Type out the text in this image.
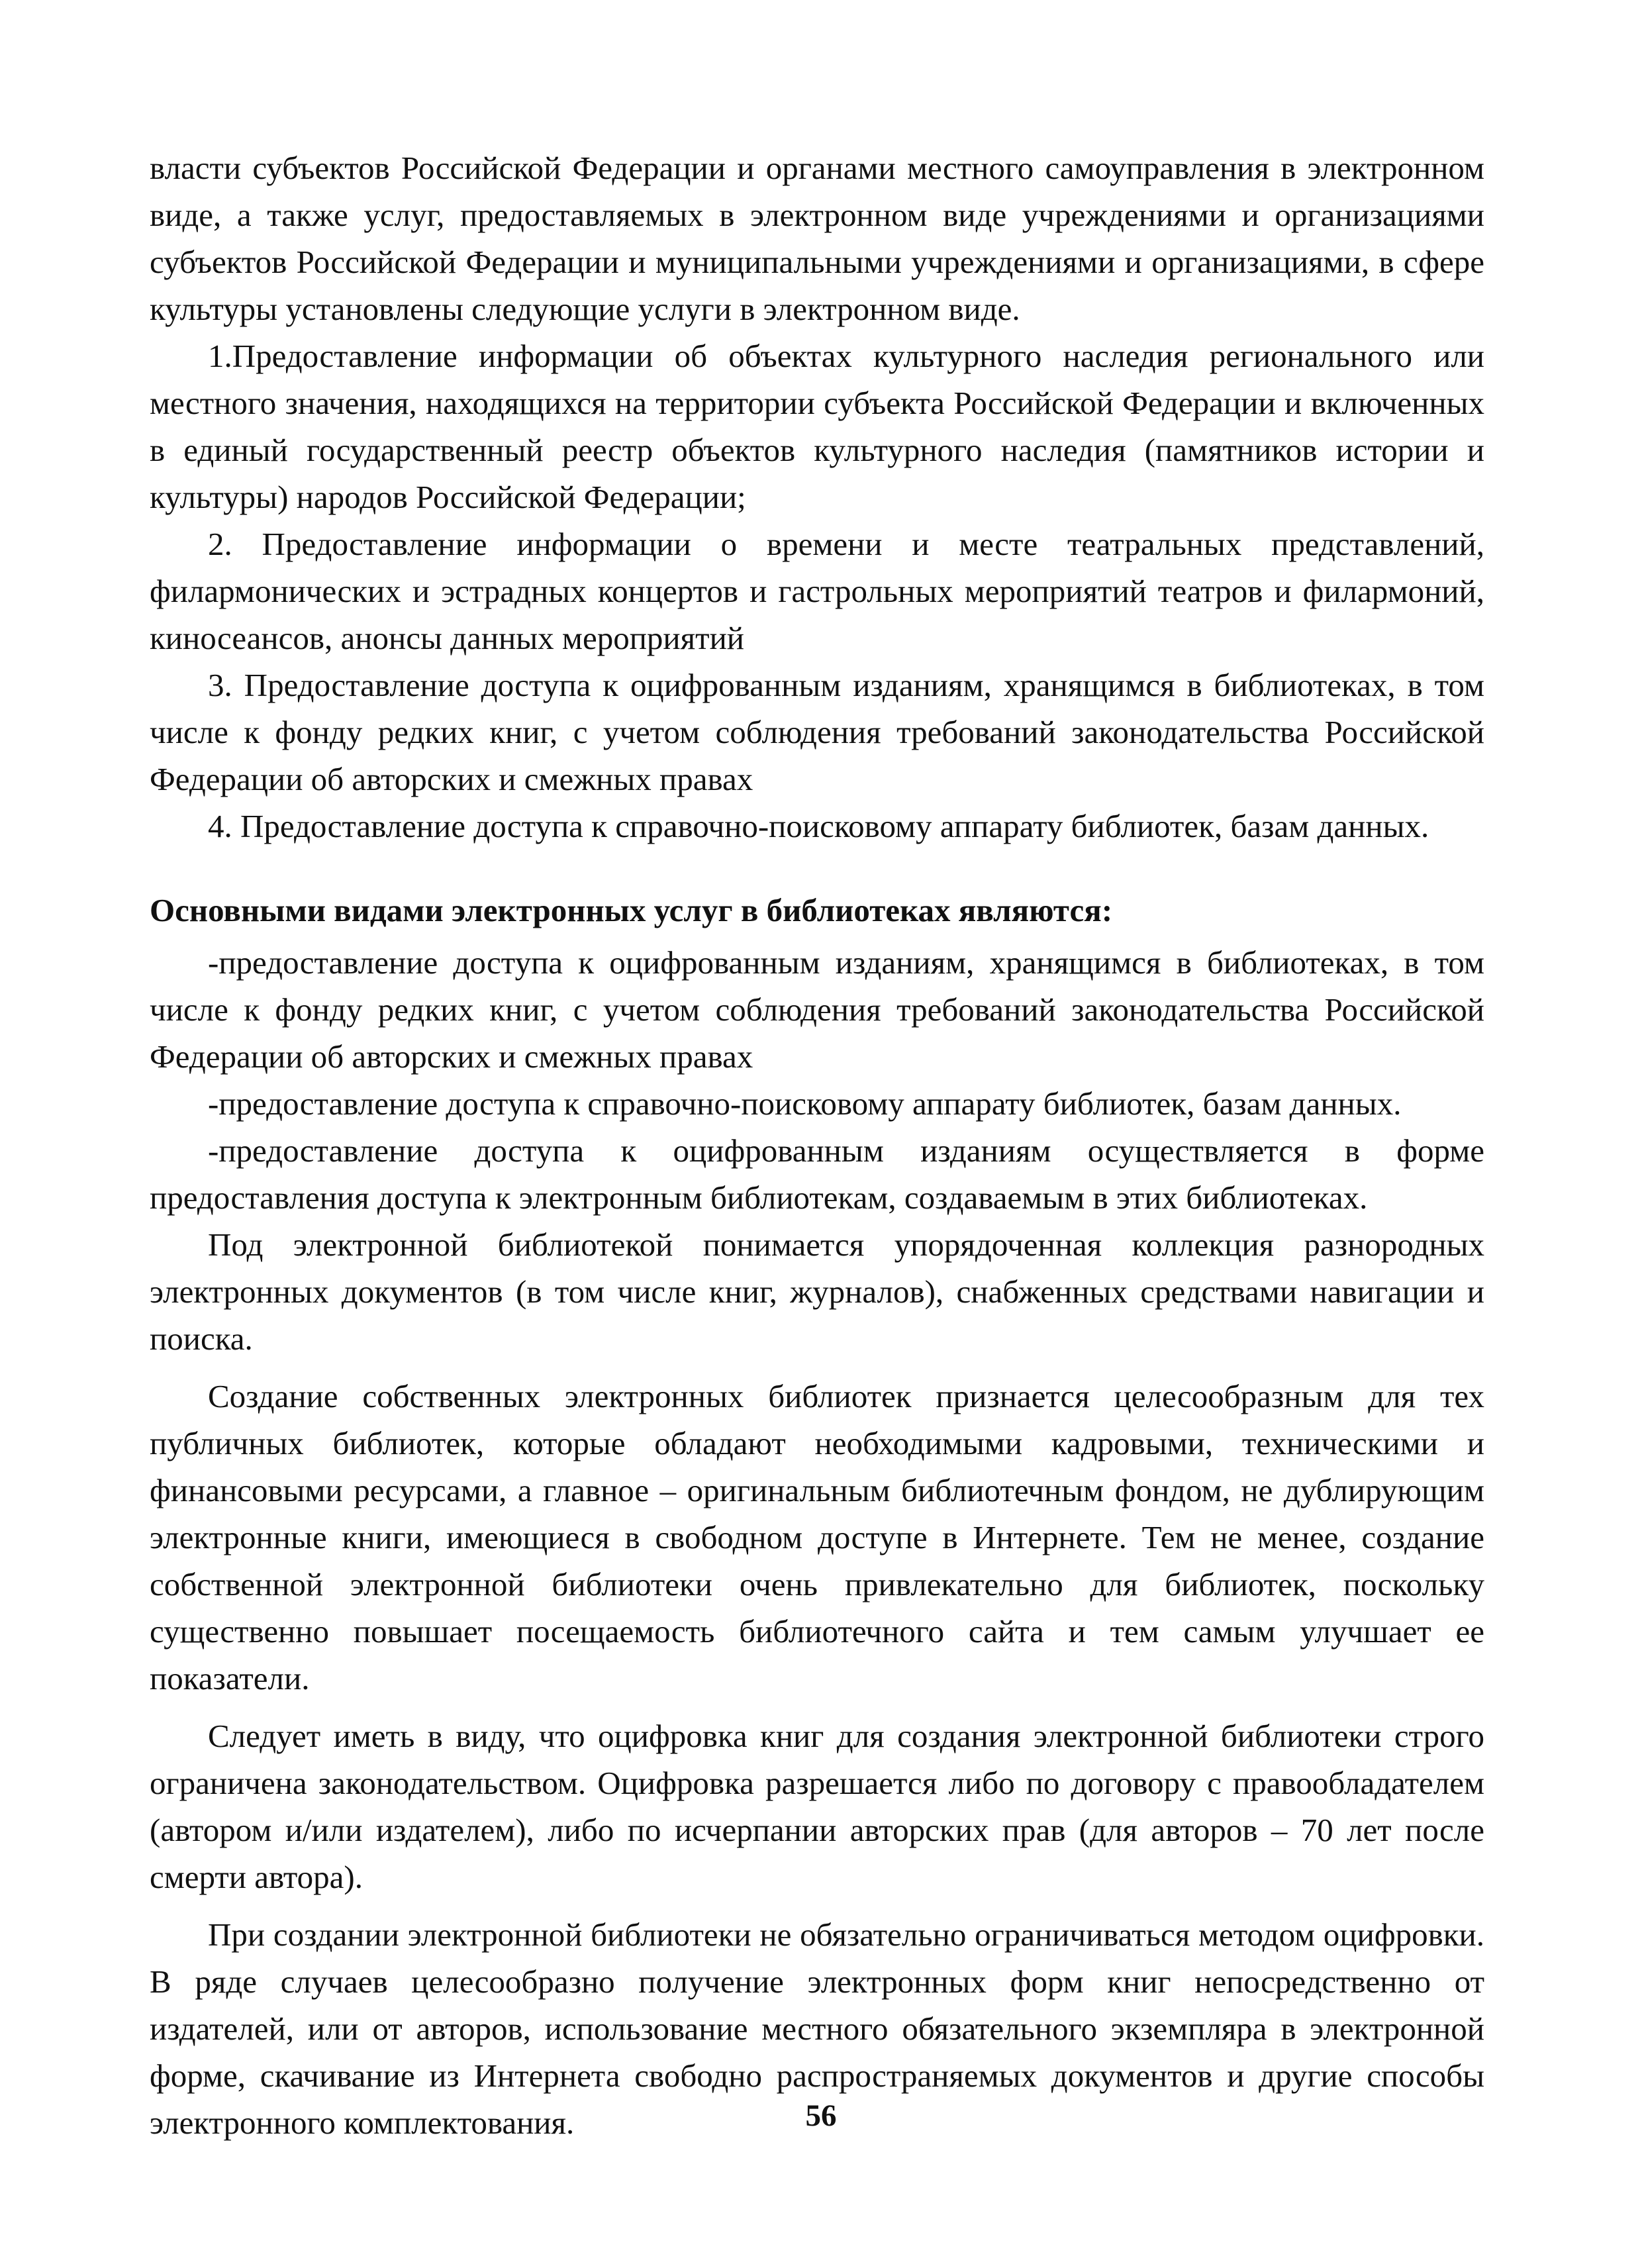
власти субъектов Российской Федерации и органами местного самоуправления в электронном виде, а также услуг, предоставляемых в электронном виде учреждениями и организациями субъектов Российской Федерации и муниципальными учреждениями и организациями, в сфере культуры установлены следующие услуги в электронном виде.

1.Предоставление информации об объектах культурного наследия регионального или местного значения, находящихся на территории субъекта Российской Федерации и включенных в единый государственный реестр объектов культурного наследия (памятников истории и культуры) народов Российской Федерации;

2. Предоставление информации о времени и месте театральных представлений, филармонических и эстрадных концертов и гастрольных мероприятий театров и филармоний, киносеансов, анонсы данных мероприятий

3. Предоставление доступа к оцифрованным изданиям, хранящимся в библиотеках, в том числе к фонду редких книг, с учетом соблюдения требований законодательства Российской Федерации об авторских и смежных правах

4. Предоставление доступа к справочно-поисковому аппарату библиотек, базам данных.

Основными видами электронных услуг в библиотеках являются:

-предоставление доступа к оцифрованным изданиям, хранящимся в библиотеках, в том числе к фонду редких книг, с учетом соблюдения требований законодательства Российской Федерации об авторских и смежных правах

-предоставление доступа к справочно-поисковому аппарату библиотек, базам данных.

-предоставление доступа к оцифрованным изданиям осуществляется в форме предоставления доступа к электронным библиотекам, создаваемым в этих библиотеках.

Под электронной библиотекой понимается упорядоченная коллекция разнородных электронных документов (в том числе книг, журналов), снабженных средствами навигации и поиска.

Создание собственных электронных библиотек признается целесообразным для тех публичных библиотек, которые обладают необходимыми кадровыми, техническими и финансовыми ресурсами, а главное – оригинальным библиотечным фондом, не дублирующим электронные книги, имеющиеся в свободном доступе в Интернете. Тем не менее, создание собственной электронной библиотеки очень привлекательно для библиотек, поскольку существенно повышает посещаемость библиотечного сайта и тем самым улучшает ее показатели.

Следует иметь в виду, что оцифровка книг для создания электронной библиотеки строго ограничена законодательством. Оцифровка разрешается либо по договору с правообладателем (автором и/или издателем), либо по исчерпании авторских прав (для авторов – 70 лет после смерти автора).

При создании электронной библиотеки не обязательно ограничиваться методом оцифровки. В ряде случаев целесообразно получение электронных форм книг непосредственно от издателей, или от авторов, использование местного обязательного экземпляра в электронной форме, скачивание из Интернета свободно распространяемых документов и другие способы электронного комплектования.	56
